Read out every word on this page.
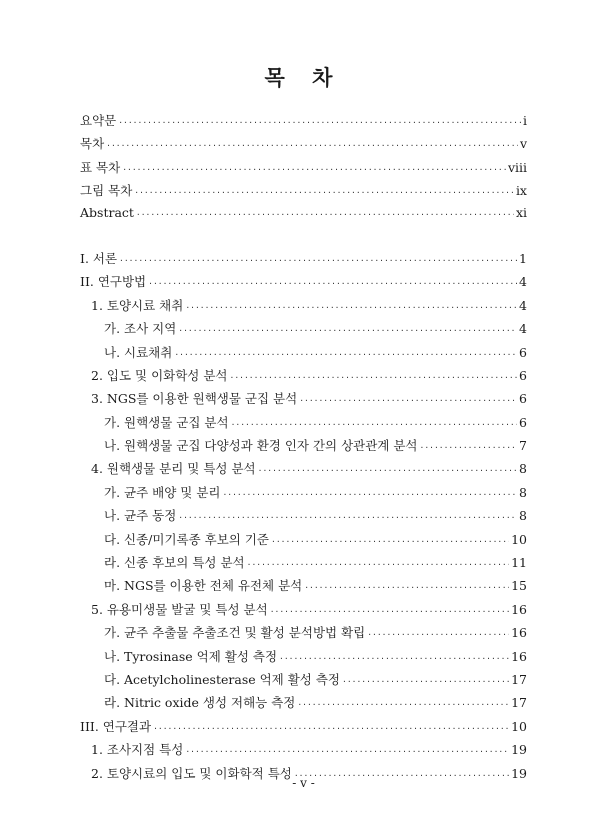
목 차
요약문 ·····	i
목차 ·····	v
표 목차 ·····	viii
그림 목차 ·····	ix
Abstract ·····	xi
I. 서론 ·····	1
II. 연구방법 ·····	4
1. 토양시료 채취 ·····	4
가. 조사 지역 ·····	4
나. 시료채취 ·····	6
2. 입도 및 이화학성 분석 ·····	6
3. NGS를 이용한 원핵생물 군집 분석 ·····	6
가. 원핵생물 군집 분석 ·····	6
나. 원핵생물 군집 다양성과 환경 인자 간의 상관관계 분석 ·····	7
4. 원핵생물 분리 및 특성 분석 ·····	8
가. 균주 배양 및 분리 ·····	8
나. 균주 동정 ·····	8
다. 신종/미기록종 후보의 기준 ·····	10
라. 신종 후보의 특성 분석 ·····	11
마. NGS를 이용한 전체 유전체 분석 ·····	15
5. 유용미생물 발굴 및 특성 분석 ·····	16
가. 균주 추출물 추출조건 및 활성 분석방법 확립 ·····	16
나. Tyrosinase 억제 활성 측정 ·····	16
다. Acetylcholinesterase 억제 활성 측정 ·····	17
라. Nitric oxide 생성 저해능 측정 ·····	17
III. 연구결과 ·····	10
1. 조사지점 특성 ·····	19
2. 토양시료의 입도 및 이화학적 특성 ·····	19
- v -
